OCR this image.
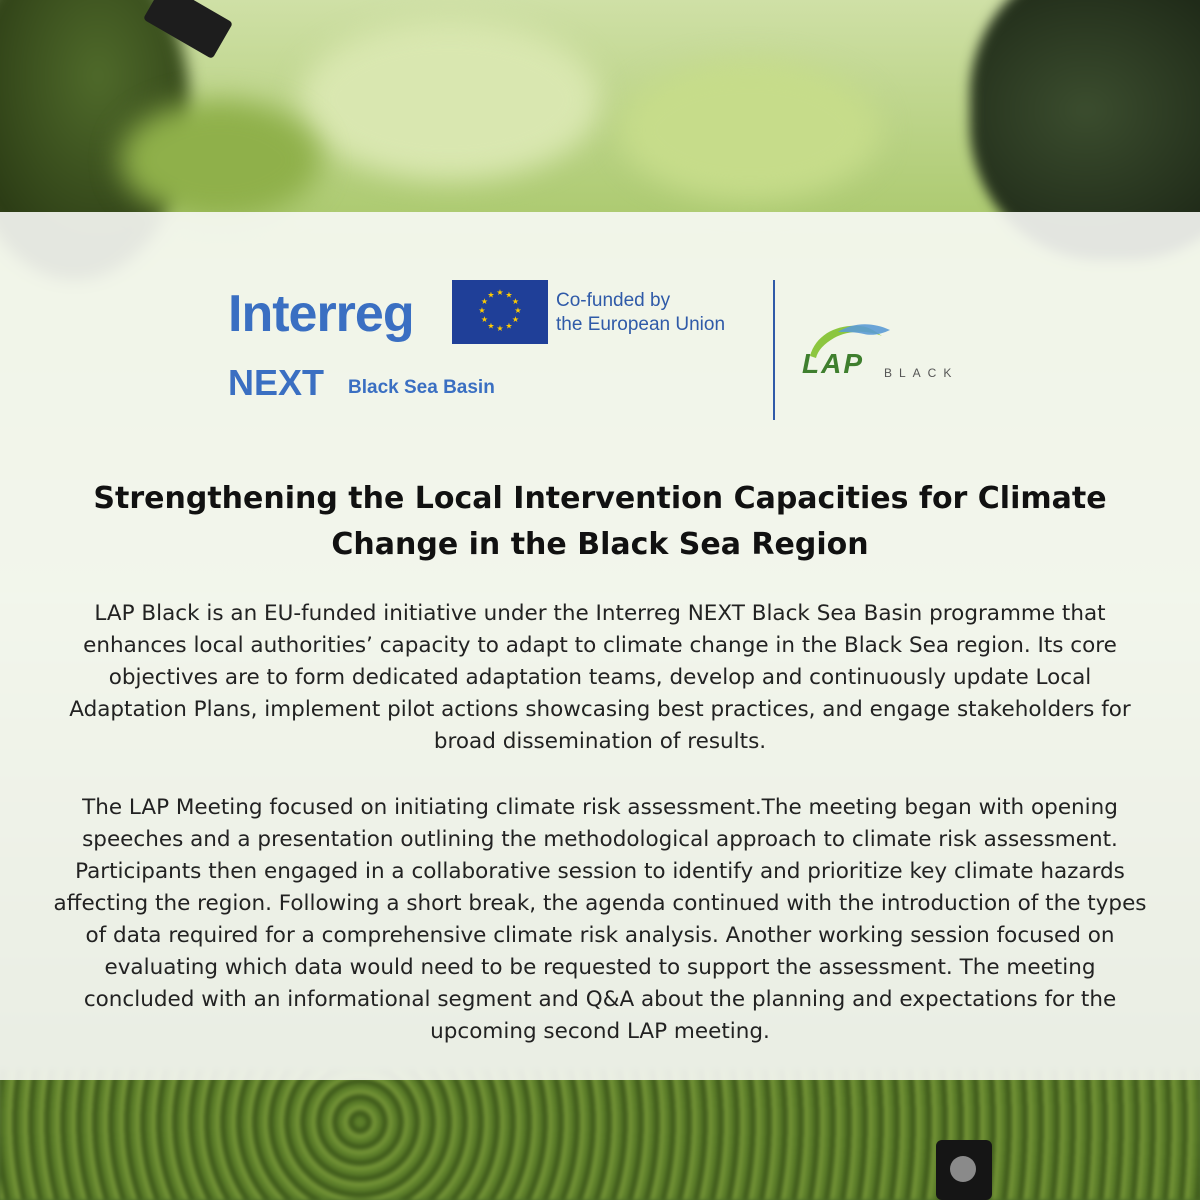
Interreg
NEXT Black Sea Basin
★ ★
★
★
★
★
★
★
★
★
★
★	Co-funded by
the European Union
LAP BLACK
Strengthening the Local Intervention Capacities for Climate Change in the Black Sea Region

LAP Black is an EU-funded initiative under the Interreg NEXT Black Sea Basin programme that enhances local authorities’ capacity to adapt to climate change in the Black Sea region. Its core objectives are to form dedicated adaptation teams, develop and continuously update Local Adaptation Plans, implement pilot actions showcasing best practices, and engage stakeholders for broad dissemination of results.

The LAP Meeting focused on initiating climate risk assessment.The meeting began with opening speeches and a presentation outlining the methodological approach to climate risk assessment. Participants then engaged in a collaborative session to identify and prioritize key climate hazards affecting the region. Following a short break, the agenda continued with the introduction of the types of data required for a comprehensive climate risk analysis. Another working session focused on evaluating which data would need to be requested to support the assessment. The meeting concluded with an informational segment and Q&A about the planning and expectations for the upcoming second LAP meeting.
